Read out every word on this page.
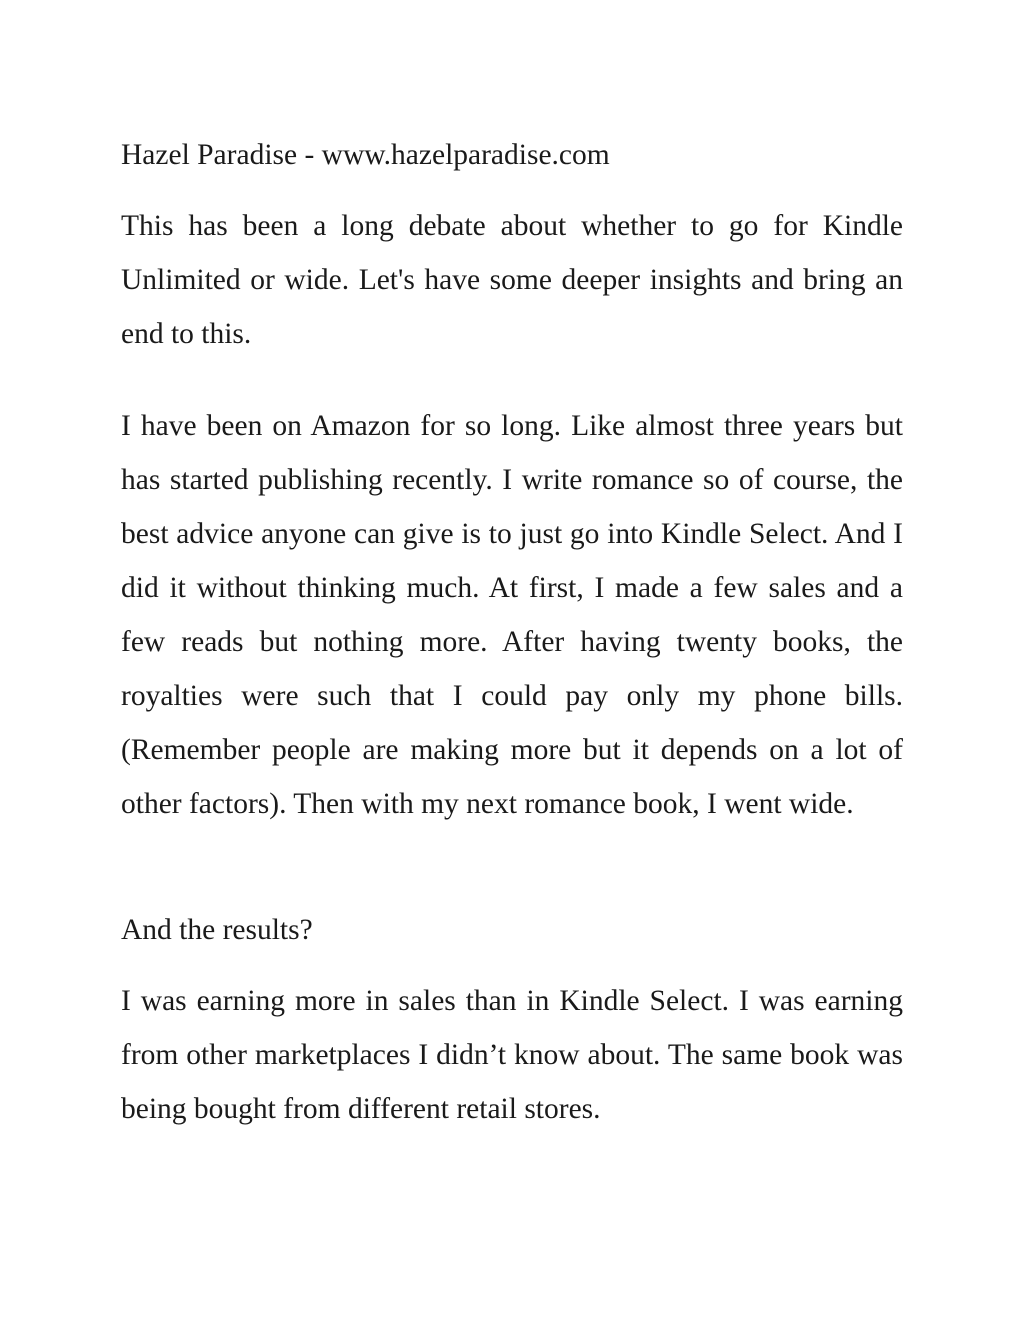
Hazel Paradise - www.hazelparadise.com

This has been a long debate about whether to go for Kindle Unlimited or wide. Let's have some deeper insights and bring an end to this.

I have been on Amazon for so long. Like almost three years but has started publishing recently. I write romance so of course, the best advice anyone can give is to just go into Kindle Select. And I did it without thinking much. At first, I made a few sales and a few reads but nothing more. After having twenty books, the royalties were such that I could pay only my phone bills. (Remember people are making more but it depends on a lot of other factors). Then with my next romance book, I went wide.

And the results?

I was earning more in sales than in Kindle Select. I was earning from other marketplaces I didn’t know about. The same book was being bought from different retail stores.
